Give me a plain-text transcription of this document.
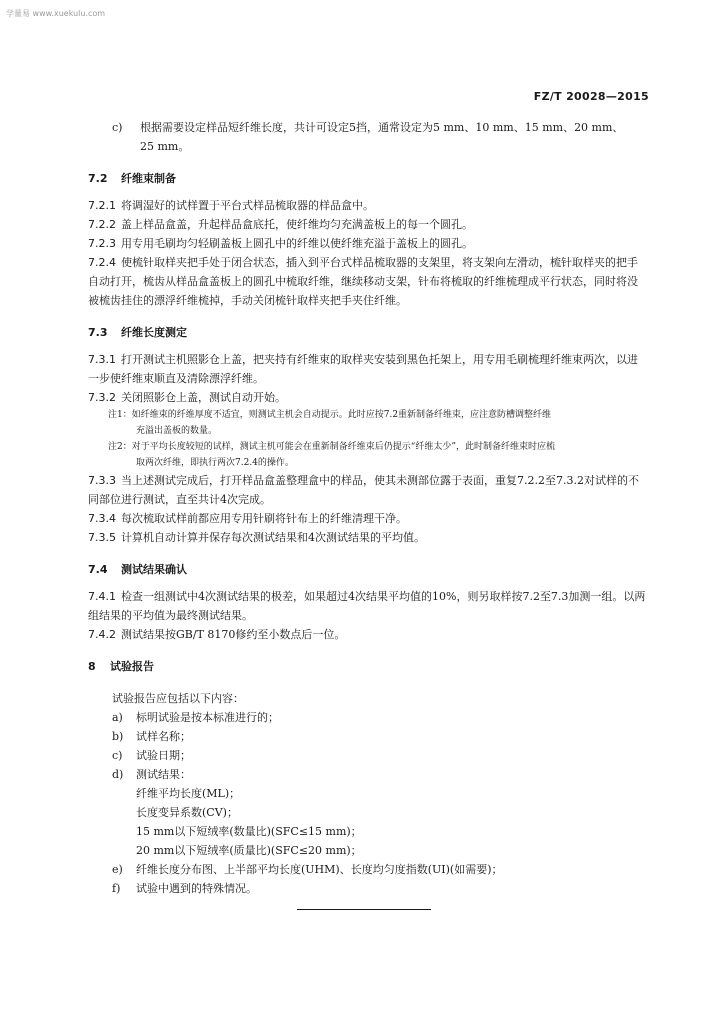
学量易 www.xuekulu.com
FZ/T 20028—2015

c) 根据需要设定样品短纤维长度，共计可设定5挡，通常设定为5 mm、10 mm、15 mm、20 mm、

25 mm。

7.2 纤维束制备

7.2.1 将调湿好的试样置于平台式样品梳取器的样品盒中。

7.2.2 盖上样品盒盖，升起样品盒底托，使纤维均匀充满盖板上的每一个圆孔。

7.2.3 用专用毛刷均匀轻刷盖板上圆孔中的纤维以使纤维充溢于盖板上的圆孔。

7.2.4 使梳针取样夹把手处于闭合状态，插入到平台式样品梳取器的支架里，将支架向左滑动，梳针取样夹的把手自动打开，梳齿从样品盒盖板上的圆孔中梳取纤维，继续移动支架，针布将梳取的纤维梳理成平行状态，同时将没被梳齿挂住的漂浮纤维梳掉，手动关闭梳针取样夹把手夹住纤维。

7.3 纤维长度测定

7.3.1 打开测试主机照影仓上盖，把夹持有纤维束的取样夹安装到黑色托架上，用专用毛刷梳理纤维束两次，以进一步使纤维束顺直及清除漂浮纤维。

7.3.2 关闭照影仓上盖，测试自动开始。

注1：如纤维束的纤维厚度不适宜，则测试主机会自动提示。此时应按7.2重新制备纤维束，应注意防槽调整纤维

充溢出盖板的数量。

注2：对于平均长度较短的试样，测试主机可能会在重新制备纤维束后仍提示“纤维太少”，此时制备纤维束时应梳

取两次纤维，即执行两次7.2.4的操作。

7.3.3 当上述测试完成后，打开样品盒盖整理盒中的样品，使其未测部位露于表面，重复7.2.2至7.3.2对试样的不同部位进行测试，直至共计4次完成。

7.3.4 每次梳取试样前都应用专用针刷将针布上的纤维清理干净。

7.3.5 计算机自动计算并保存每次测试结果和4次测试结果的平均值。

7.4 测试结果确认

7.4.1 检查一组测试中4次测试结果的极差，如果超过4次结果平均值的10%，则另取样按7.2至7.3加测一组。以两组结果的平均值为最终测试结果。

7.4.2 测试结果按GB/T 8170修约至小数点后一位。

8 试验报告

试验报告应包括以下内容：

a) 标明试验是按本标准进行的；

b) 试样名称；

c) 试验日期；

d) 测试结果：

纤维平均长度(ML)；

长度变异系数(CV)；

15 mm以下短绒率(数量比)(SFC≤15 mm)；

20 mm以下短绒率(质量比)(SFC≤20 mm)；

e) 纤维长度分布图、上半部平均长度(UHM)、长度均匀度指数(UI)(如需要)；

f) 试验中遇到的特殊情况。
